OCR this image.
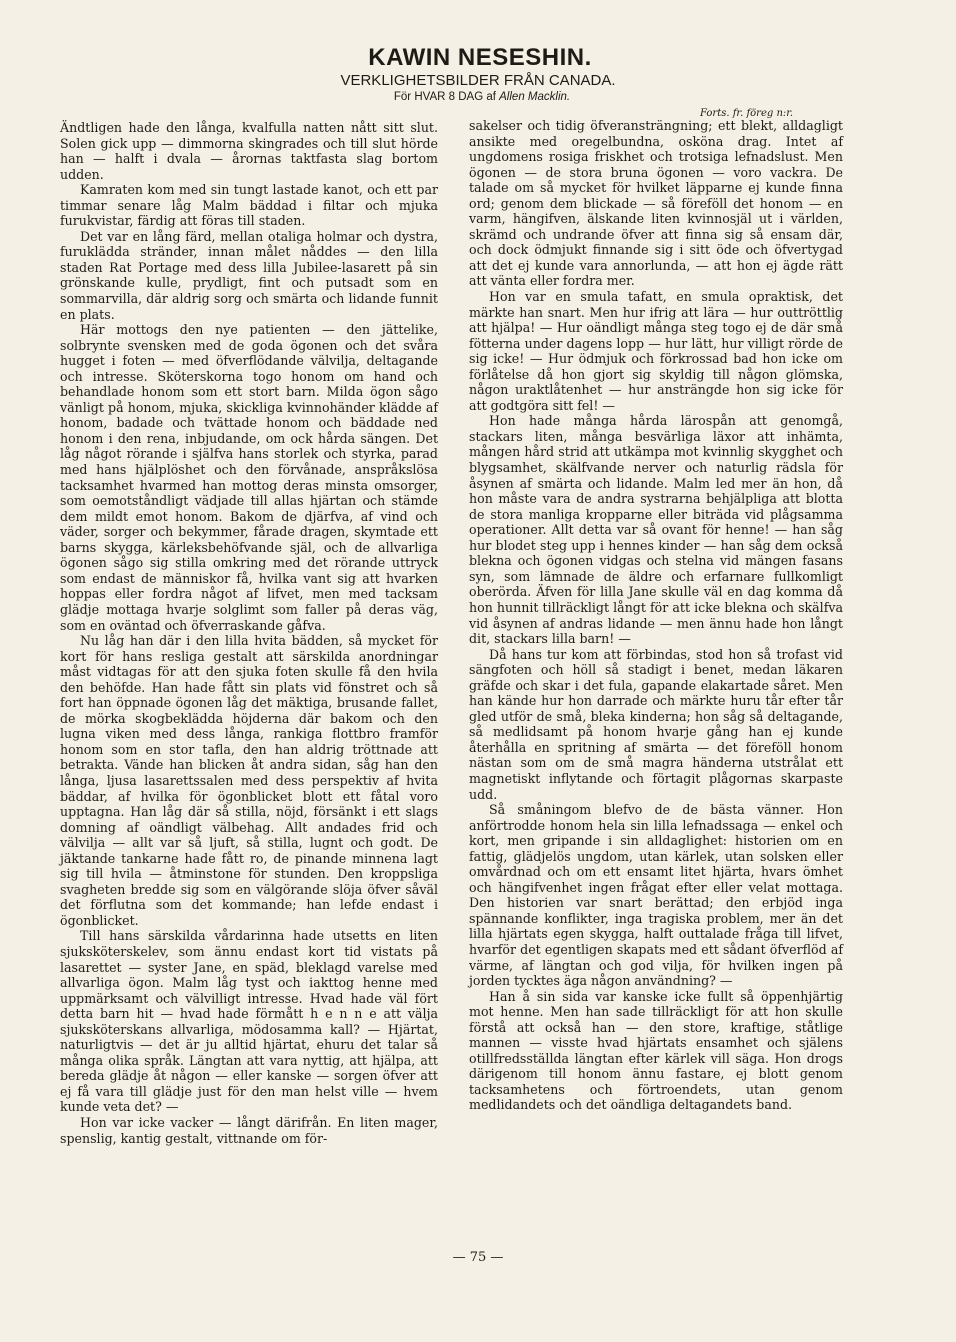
KAWIN NESESHIN.

VERKLIGHETSBILDER FRÅN CANADA.

För HVAR 8 DAG af Allen Macklin.

Forts. fr. föreg n:r.

Ändtligen hade den långa, kvalfulla natten nått sitt slut. Solen gick upp — dimmorna skingrades och till slut hörde han — halft i dvala — årornas taktfasta slag bortom udden.

Kamraten kom med sin tungt lastade kanot, och ett par timmar senare låg Malm bäddad i filtar och mjuka furukvistar, färdig att föras till staden.

Det var en lång färd, mellan otaliga holmar och dystra, furuklädda stränder, innan målet nåddes — den lilla staden Rat Portage med dess lilla Jubilee-lasarett på sin grönskande kulle, prydligt, fint och putsadt som en sommarvilla, där aldrig sorg och smärta och lidande funnit en plats.

Här mottogs den nye patienten — den jättelike, solbrynte svensken med de goda ögonen och det svåra hugget i foten — med öfverflödande välvilja, deltagande och intresse. Sköterskorna togo honom om hand och behandlade honom som ett stort barn. Milda ögon sågo vänligt på honom, mjuka, skickliga kvinnohänder klädde af honom, badade och tvättade honom och bäddade ned honom i den rena, inbjudande, om ock hårda sängen. Det låg något rörande i själfva hans storlek och styrka, parad med hans hjälplöshet och den förvånade, anspråkslösa tacksamhet hvarmed han mottog deras minsta omsorger, som oemotståndligt vädjade till allas hjärtan och stämde dem mildt emot honom. Bakom de djärfva, af vind och väder, sorger och bekymmer, fårade dragen, skymtade ett barns skygga, kärleksbehöfvande själ, och de allvarliga ögonen sågo sig stilla omkring med det rörande uttryck som endast de människor få, hvilka vant sig att hvarken hoppas eller fordra något af lifvet, men med tacksam glädje mottaga hvarje solglimt som faller på deras väg, som en oväntad och öfverraskande gåfva.

Nu låg han där i den lilla hvita bädden, så mycket för kort för hans resliga gestalt att särskilda anordningar måst vidtagas för att den sjuka foten skulle få den hvila den behöfde. Han hade fått sin plats vid fönstret och så fort han öppnade ögonen låg det mäktiga, brusande fallet, de mörka skogbeklädda höjderna där bakom och den lugna viken med dess långa, rankiga flottbro framför honom som en stor tafla, den han aldrig tröttnade att betrakta. Vände han blicken åt andra sidan, såg han den långa, ljusa lasarettssalen med dess perspektiv af hvita bäddar, af hvilka för ögonblicket blott ett fåtal voro upptagna. Han låg där så stilla, nöjd, försänkt i ett slags domning af oändligt välbehag. Allt andades frid och välvilja — allt var så ljuft, så stilla, lugnt och godt. De jäktande tankarne hade fått ro, de pinande minnena lagt sig till hvila — åtminstone för stunden. Den kroppsliga svagheten bredde sig som en välgörande slöja öfver såväl det förflutna som det kommande; han lefde endast i ögonblicket.

Till hans särskilda vårdarinna hade utsetts en liten sjuksköterskelev, som ännu endast kort tid vistats på lasarettet — syster Jane, en späd, bleklagd varelse med allvarliga ögon. Malm låg tyst och iakttog henne med uppmärksamt och välvilligt intresse. Hvad hade väl fört detta barn hit — hvad hade förmått h e n n e att välja sjuksköterskans allvarliga, mödosamma kall? — Hjärtat, naturligtvis — det är ju alltid hjärtat, ehuru det talar så många olika språk. Längtan att vara nyttig, att hjälpa, att bereda glädje åt någon — eller kanske — sorgen öfver att ej få vara till glädje just för den man helst ville — hvem kunde veta det? —

Hon var icke vacker — långt därifrån. En liten mager, spenslig, kantig gestalt, vittnande om för-

sakelser och tidig öfveransträngning; ett blekt, alldagligt ansikte med oregelbundna, osköna drag. Intet af ungdomens rosiga friskhet och trotsiga lefnadslust. Men ögonen — de stora bruna ögonen — voro vackra. De talade om så mycket för hvilket läpparne ej kunde finna ord; genom dem blickade — så föreföll det honom — en varm, hängifven, älskande liten kvinnosjäl ut i världen, skrämd och undrande öfver att finna sig så ensam där, och dock ödmjukt finnande sig i sitt öde och öfvertygad att det ej kunde vara annorlunda, — att hon ej ägde rätt att vänta eller fordra mer.

Hon var en smula tafatt, en smula opraktisk, det märkte han snart. Men hur ifrig att lära — hur outtröttlig att hjälpa! — Hur oändligt många steg togo ej de där små fötterna under dagens lopp — hur lätt, hur villigt rörde de sig icke! — Hur ödmjuk och förkrossad bad hon icke om förlåtelse då hon gjort sig skyldig till någon glömska, någon uraktlåtenhet — hur ansträngde hon sig icke för att godtgöra sitt fel! —

Hon hade många hårda lärospån att genomgå, stackars liten, många besvärliga läxor att inhämta, mången hård strid att utkämpa mot kvinnlig skygghet och blygsamhet, skälfvande nerver och naturlig rädsla för åsynen af smärta och lidande. Malm led mer än hon, då hon måste vara de andra systrarna behjälpliga att blotta de stora manliga kropparne eller biträda vid plågsamma operationer. Allt detta var så ovant för henne! — han såg hur blodet steg upp i hennes kinder — han såg dem också blekna och ögonen vidgas och stelna vid mängen fasans syn, som lämnade de äldre och erfarnare fullkomligt oberörda. Äfven för lilla Jane skulle väl en dag komma då hon hunnit tillräckligt långt för att icke blekna och skälfva vid åsynen af andras lidande — men ännu hade hon långt dit, stackars lilla barn! —

Då hans tur kom att förbindas, stod hon så trofast vid sängfoten och höll så stadigt i benet, medan läkaren gräfde och skar i det fula, gapande elakartade såret. Men han kände hur hon darrade och märkte huru tår efter tår gled utför de små, bleka kinderna; hon såg så deltagande, så medlidsamt på honom hvarje gång han ej kunde återhålla en spritning af smärta — det föreföll honom nästan som om de små magra händerna utstrålat ett magnetiskt inflytande och förtagit plågornas skarpaste udd.

Så småningom blefvo de de bästa vänner. Hon anförtrodde honom hela sin lilla lefnadssaga — enkel och kort, men gripande i sin alldaglighet: historien om en fattig, glädjelös ungdom, utan kärlek, utan solsken eller omvårdnad och om ett ensamt litet hjärta, hvars ömhet och hängifvenhet ingen frågat efter eller velat mottaga. Den historien var snart berättad; den erbjöd inga spännande konflikter, inga tragiska problem, mer än det lilla hjärtats egen skygga, halft outtalade fråga till lifvet, hvarför det egentligen skapats med ett sådant öfverflöd af värme, af längtan och god vilja, för hvilken ingen på jorden tycktes äga någon användning? —

Han å sin sida var kanske icke fullt så öppenhjärtig mot henne. Men han sade tillräckligt för att hon skulle förstå att också han — den store, kraftige, ståtlige mannen — visste hvad hjärtats ensamhet och själens otillfredsställda längtan efter kärlek vill säga. Hon drogs därigenom till honom ännu fastare, ej blott genom tacksamhetens och förtroendets, utan genom medlidandets och det oändliga deltagandets band.

— 75 —
